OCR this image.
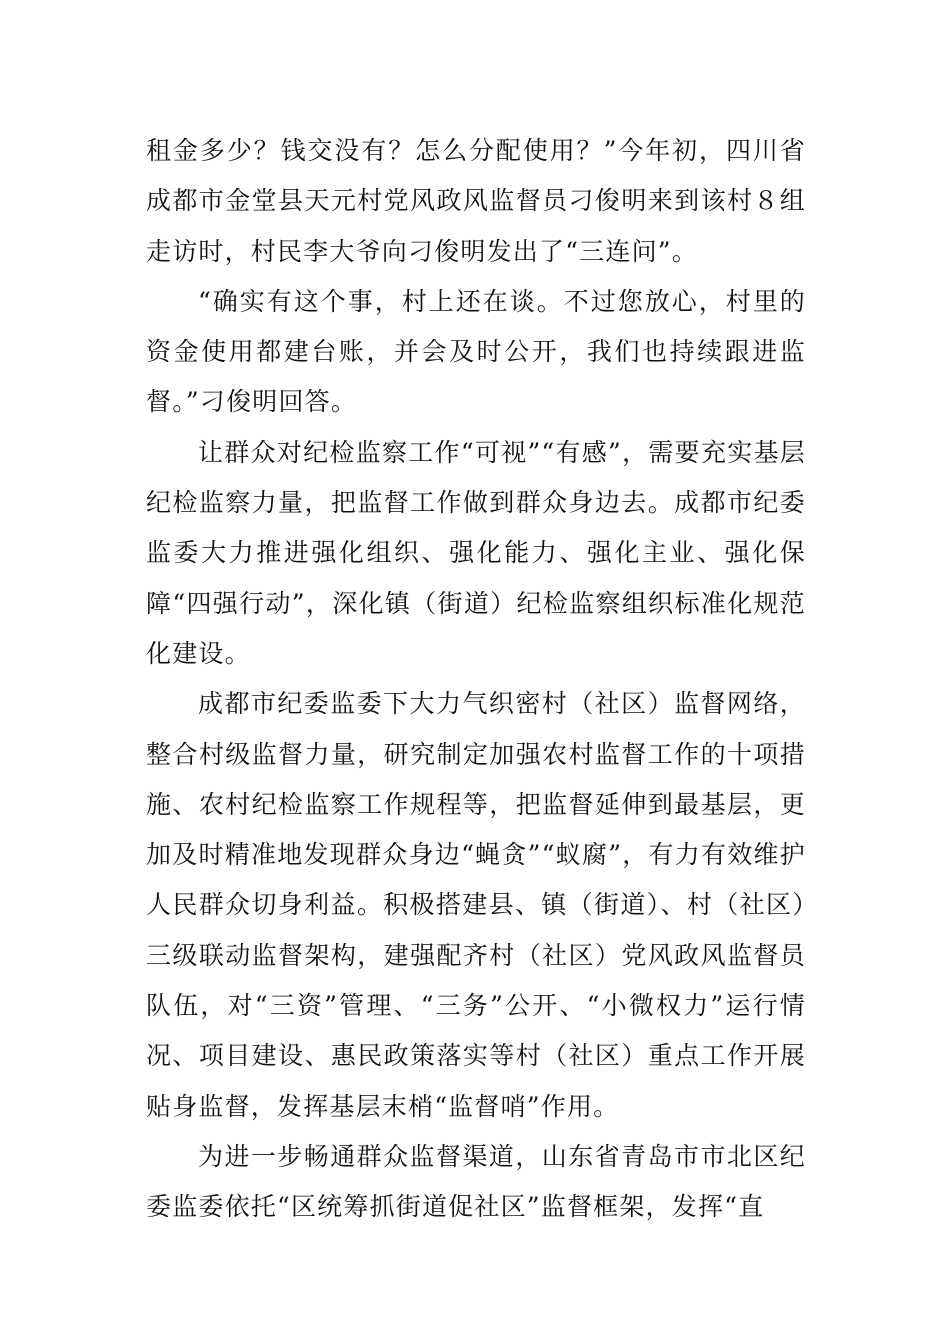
租金多少？钱交没有？怎么分配使用？”今年初，四川省成都市金堂县天元村党风政风监督员刁俊明来到该村８组走访时，村民李大爷向刁俊明发出了“三连问”。

“确实有这个事，村上还在谈。不过您放心，村里的资金使用都建台账，并会及时公开，我们也持续跟进监督。”刁俊明回答。

让群众对纪检监察工作“可视”“有感”，需要充实基层纪检监察力量，把监督工作做到群众身边去。成都市纪委监委大力推进强化组织、强化能力、强化主业、强化保障“四强行动”，深化镇（街道）纪检监察组织标准化规范化建设。

成都市纪委监委下大力气织密村（社区）监督网络，整合村级监督力量，研究制定加强农村监督工作的十项措施、农村纪检监察工作规程等，把监督延伸到最基层，更加及时精准地发现群众身边“蝇贪”“蚁腐”，有力有效维护人民群众切身利益。积极搭建县、镇（街道）、村（社区）三级联动监督架构，建强配齐村（社区）党风政风监督员队伍，对“三资”管理、“三务”公开、“小微权力”运行情况、项目建设、惠民政策落实等村（社区）重点工作开展贴身监督，发挥基层末梢“监督哨”作用。

为进一步畅通群众监督渠道，山东省青岛市市北区纪委监委依托“区统筹抓街道促社区”监督框架，发挥“直
